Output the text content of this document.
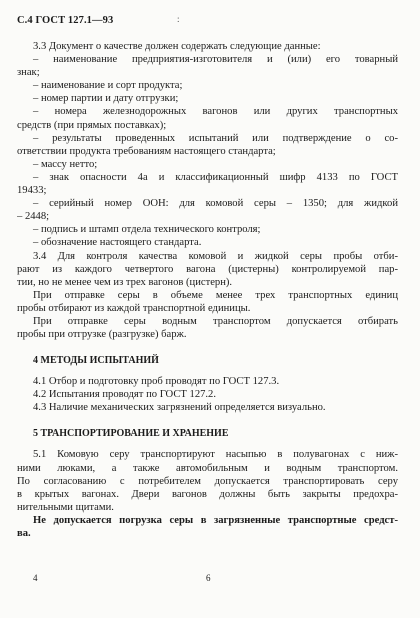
С.4 ГОСТ 127.1—93	:
3.3 Документ о качестве должен содержать следующие данные:
– наименование предприятия-изготовителя и (или) его товарный
знак;
– наименование и сорт продукта;
– номер партии и дату отгрузки;
– номера железнодорожных вагонов или других транспортных
средств (при прямых поставках);
– результаты проведенных испытаний или подтверждение о со-
ответствии продукта требованиям настоящего стандарта;
– массу нетто;
– знак опасности 4а и классификационный шифр 4133 по ГОСТ
19433;
– серийный номер ООН: для комовой серы – 1350; для жидкой
– 2448;
– подпись и штамп отдела технического контроля;
– обозначение настоящего стандарта.
3.4 Для контроля качества комовой и жидкой серы пробы отби-
рают из каждого четвертого вагона (цистерны) контролируемой пар-
тии, но не менее чем из трех вагонов (цистерн).
При отправке серы в объеме менее трех транспортных единиц
пробы отбирают из каждой транспортной единицы.
При отправке серы водным транспортом допускается отбирать
пробы при отгрузке (разгрузке) барж.
4 МЕТОДЫ ИСПЫТАНИЙ
4.1 Отбор и подготовку проб проводят по ГОСТ 127.3.
4.2 Испытания проводят по ГОСТ 127.2.
4.3 Наличие механических загрязнений определяется визуально.
5 ТРАНСПОРТИРОВАНИЕ И ХРАНЕНИЕ
5.1 Комовую серу транспортируют насыпью в полувагонах с ниж-
ними люками, а также автомобильным и водным транспортом.
По согласованию с потребителем допускается транспортировать серу
в крытых вагонах. Двери вагонов должны быть закрыты предохра-
нительными щитами.
Не допускается погрузка серы в загрязненные транспортные средст-
ва.
4	6
